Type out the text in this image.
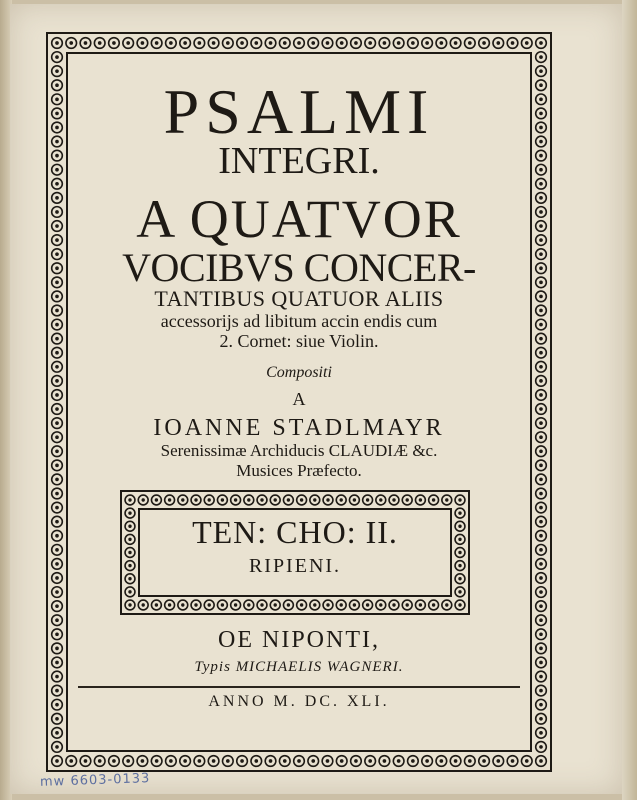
PSALMI
INTEGRI.
A QUATVOR
VOCIBVS CONCER-
TANTIBUS QUATUOR ALIIS
accessorijs ad libitum accin endis cum
2. Cornet: siue Violin.
Compositi
A
IOANNE STADLMAYR
Serenissimæ Archiducis CLAUDIÆ &c.
Musices Præfecto.
OE NIPONTI,
Typis MICHAELIS WAGNERI.
ANNO M. DC. XLI.
TEN: CHO: II.
RIPIENI.
mw 6603-0133
